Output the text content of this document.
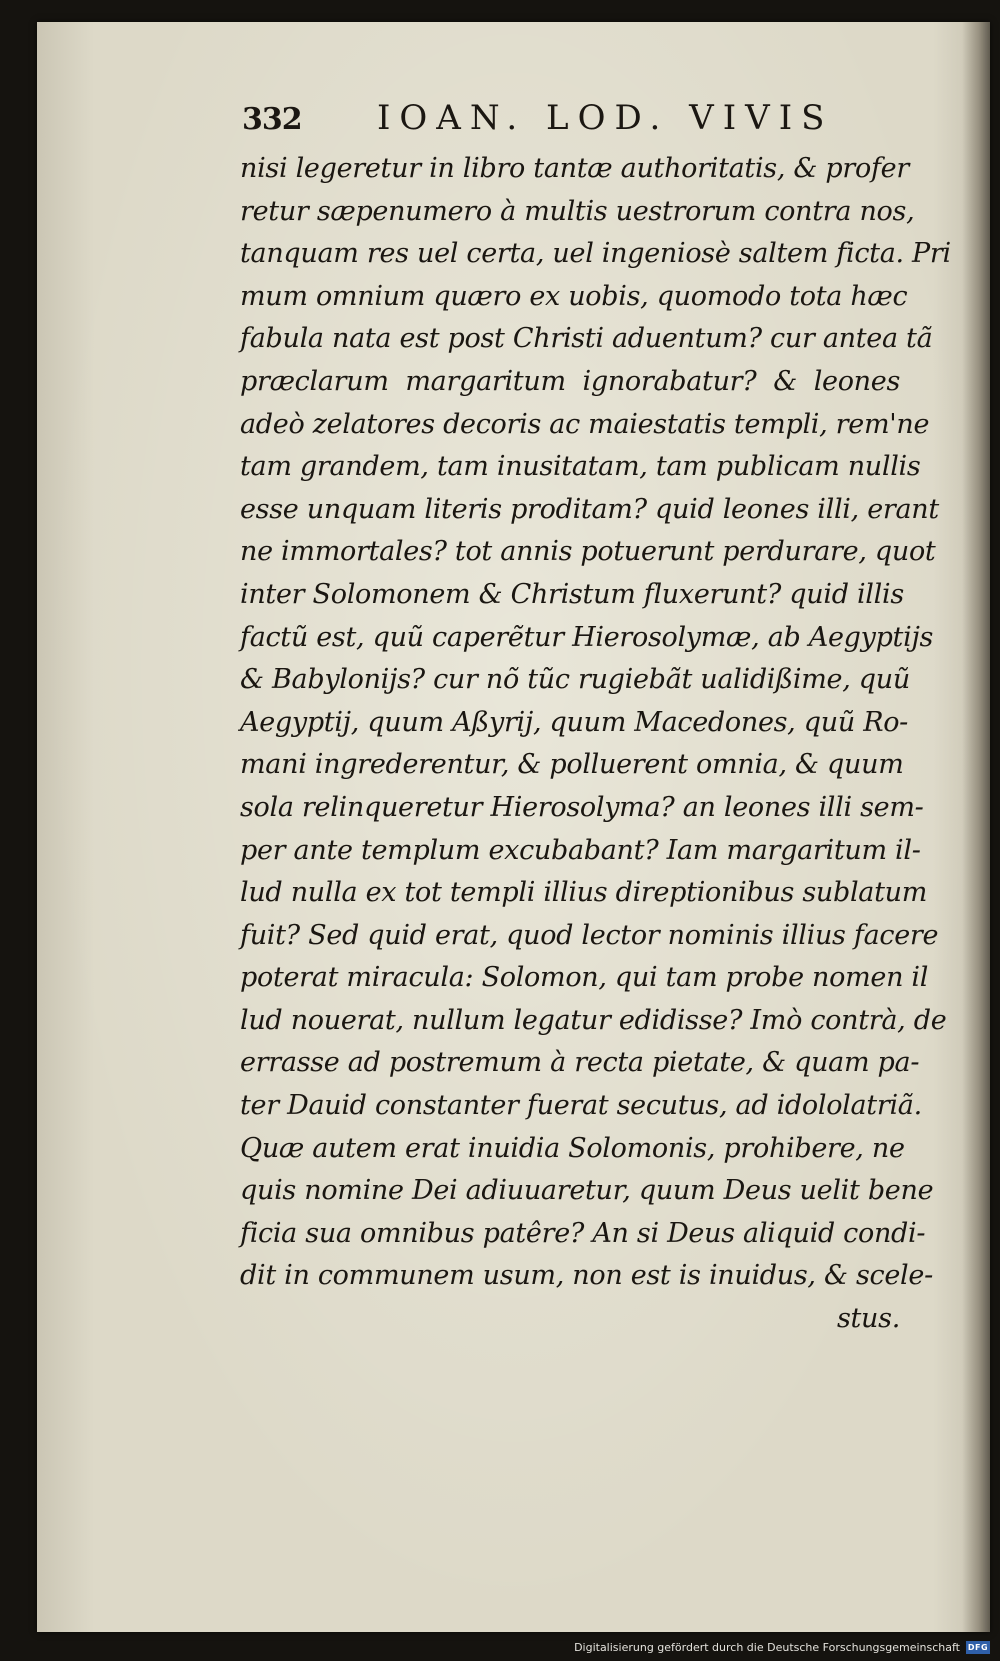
332 IOAN. LOD. VIVIS
nisi legeretur in libro tantæ authoritatis, & profer
retur sæpenumero à multis uestrorum contra nos,
tanquam res uel certa, uel ingeniosè saltem ficta. Pri
mum omnium quæro ex uobis, quomodo tota hæc
fabula nata est post Christi aduentum? cur antea tã
præclarum margaritum ignorabatur? & leones
adeò zelatores decoris ac maiestatis templi, rem'ne
tam grandem, tam inusitatam, tam publicam nullis
esse unquam literis proditam? quid leones illi, erant
ne immortales? tot annis potuerunt perdurare, quot
inter Solomonem & Christum fluxerunt? quid illis
factũ est, quũ caperẽtur Hierosolymæ, ab Aegyptijs
& Babylonijs? cur nõ tũc rugiebãt ualidißime, quũ
Aegyptij, quum Aßyrij, quum Macedones, quũ Ro-
mani ingrederentur, & polluerent omnia, & quum
sola relinqueretur Hierosolyma? an leones illi sem-
per ante templum excubabant? Iam margaritum il-
lud nulla ex tot templi illius direptionibus sublatum
fuit? Sed quid erat, quod lector nominis illius facere
poterat miracula: Solomon, qui tam probe nomen il
lud nouerat, nullum legatur edidisse? Imò contrà, de
errasse ad postremum à recta pietate, & quam pa-
ter Dauid constanter fuerat secutus, ad idololatriã.
Quæ autem erat inuidia Solomonis, prohibere, ne
quis nomine Dei adiuuaretur, quum Deus uelit bene
ficia sua omnibus patêre? An si Deus aliquid condi-
dit in communem usum, non est is inuidus, & scele-
stus.
Digitalisierung gefördert durch die Deutsche Forschungsgemeinschaft DFG
